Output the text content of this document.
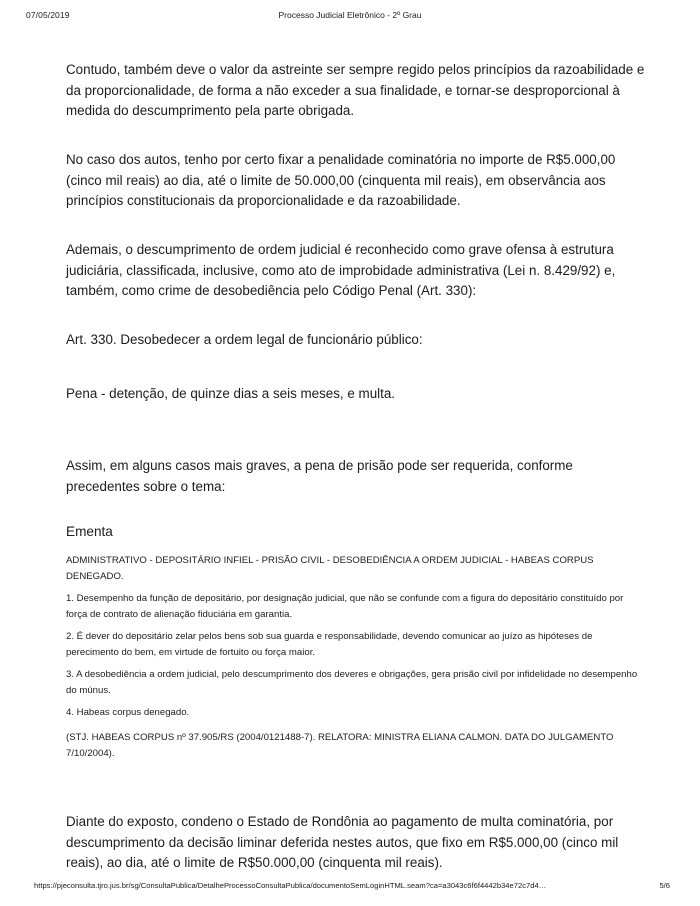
07/05/2019	Processo Judicial Eletrônico - 2º Grau

Contudo, também deve o valor da astreinte ser sempre regido pelos princípios da razoabilidade e da proporcionalidade, de forma a não exceder a sua finalidade, e tornar-se desproporcional à medida do descumprimento pela parte obrigada.

No caso dos autos, tenho por certo fixar a penalidade cominatória no importe de R$5.000,00 (cinco mil reais) ao dia, até o limite de 50.000,00 (cinquenta mil reais), em observância aos princípios constitucionais da proporcionalidade e da razoabilidade.

Ademais, o descumprimento de ordem judicial é reconhecido como grave ofensa à estrutura judiciária, classificada, inclusive, como ato de improbidade administrativa (Lei n. 8.429/92) e, também, como crime de desobediência pelo Código Penal (Art. 330):

Art. 330. Desobedecer a ordem legal de funcionário público:

Pena - detenção, de quinze dias a seis meses, e multa.

Assim, em alguns casos mais graves, a pena de prisão pode ser requerida, conforme precedentes sobre o tema:

Ementa

ADMINISTRATIVO - DEPOSITÁRIO INFIEL - PRISÃO CIVIL - DESOBEDIÊNCIA A ORDEM JUDICIAL - HABEAS CORPUS DENEGADO.

1. Desempenho da função de depositário, por designação judicial, que não se confunde com a figura do depositário constituído por força de contrato de alienação fiduciária em garantia.

2. É dever do depositário zelar pelos bens sob sua guarda e responsabilidade, devendo comunicar ao juízo as hipóteses de perecimento do bem, em virtude de fortuito ou força maior.

3. A desobediência a ordem judicial, pelo descumprimento dos deveres e obrigações, gera prisão civil por infidelidade no desempenho do múnus.

4. Habeas corpus denegado.

(STJ. HABEAS CORPUS nº 37.905/RS (2004/0121488-7). RELATORA: MINISTRA ELIANA CALMON. DATA DO JULGAMENTO 7/10/2004).

Diante do exposto, condeno o Estado de Rondônia ao pagamento de multa cominatória, por descumprimento da decisão liminar deferida nestes autos, que fixo em R$5.000,00 (cinco mil reais), ao dia, até o limite de R$50.000,00 (cinquenta mil reais).

https://pjeconsulta.tjro.jus.br/sg/ConsultaPublica/DetalheProcessoConsultaPublica/documentoSemLoginHTML.seam?ca=a3043c6f6f4442b34e72c7d4…	5/6
